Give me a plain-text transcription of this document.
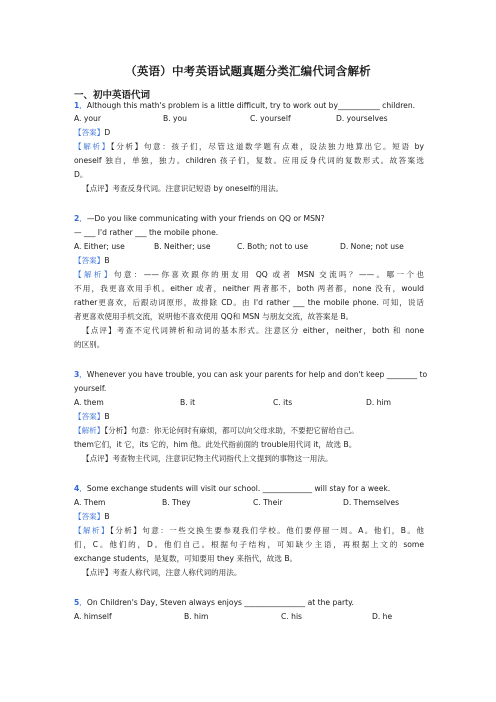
（英语）中考英语试题真题分类汇编代词含解析
一、初中英语代词
1．Although this math's problem is a little difficult, try to work out by___________ children.
A. your	B. you	C. yourself	D. yourselves
【答案】D
【解析】【分析】句意：孩子们，尽管这道数学题有点难，设法独力地算出它。短语 by
oneself 独自，单独，独力。children 孩子们，复数。应用反身代词的复数形式。故答案选
D。
【点评】考查反身代词。注意识记短语 by oneself的用法。
2．—Do you like communicating with your friends on QQ or MSN?
— ___ I'd rather ___ the mobile phone.
A. Either; use	B. Neither; use	C. Both; not to use	D. None; not use
【答案】B
【解析】句意：——你喜欢跟你的朋友用 QQ 或者 MSN 交流吗？——。哪一个也
不用，我更喜欢用手机。either 或者，neither 两者都不，both 两者都，none 没有，would
rather更喜欢，后跟动词原形，故排除 CD。由 I'd rather ___ the mobile phone. 可知，说话
者更喜欢使用手机交流，说明他不喜欢使用 QQ和 MSN 与朋友交流，故答案是 B。
【点评】考查不定代词辨析和动词的基本形式。注意区分 either，neither，both 和 none
的区别。
3．Whenever you have trouble, you can ask your parents for help and don't keep ________ to
yourself.
A. them	B. it	C. its	D. him
【答案】B
【解析】【分析】句意：你无论何时有麻烦，都可以向父母求助，不要把它留给自己。
them它们，it 它，its 它的，him 他。此处代指前面的 trouble用代词 it，故选 B。
【点评】考查物主代词，注意识记物主代词指代上文提到的事物这一用法。
4．Some exchange students will visit our school. _____________ will stay for a week.
A. Them	B. They	C. Their	D. Themselves
【答案】B
【解析】【分析】句意：一些交换生要参观我们学校。他们要停留一周。A。他们，B。他
们，C。他们的，D。他们自己。根据句子结构，可知缺少主语，再根据上文的 some
exchange students，是复数，可知要用 they 来指代，故选 B。
【点评】考查人称代词，注意人称代词的用法。
5．On Children's Day, Steven always enjoys ________________ at the party.
A. himself	B. him	C. his	D. he
